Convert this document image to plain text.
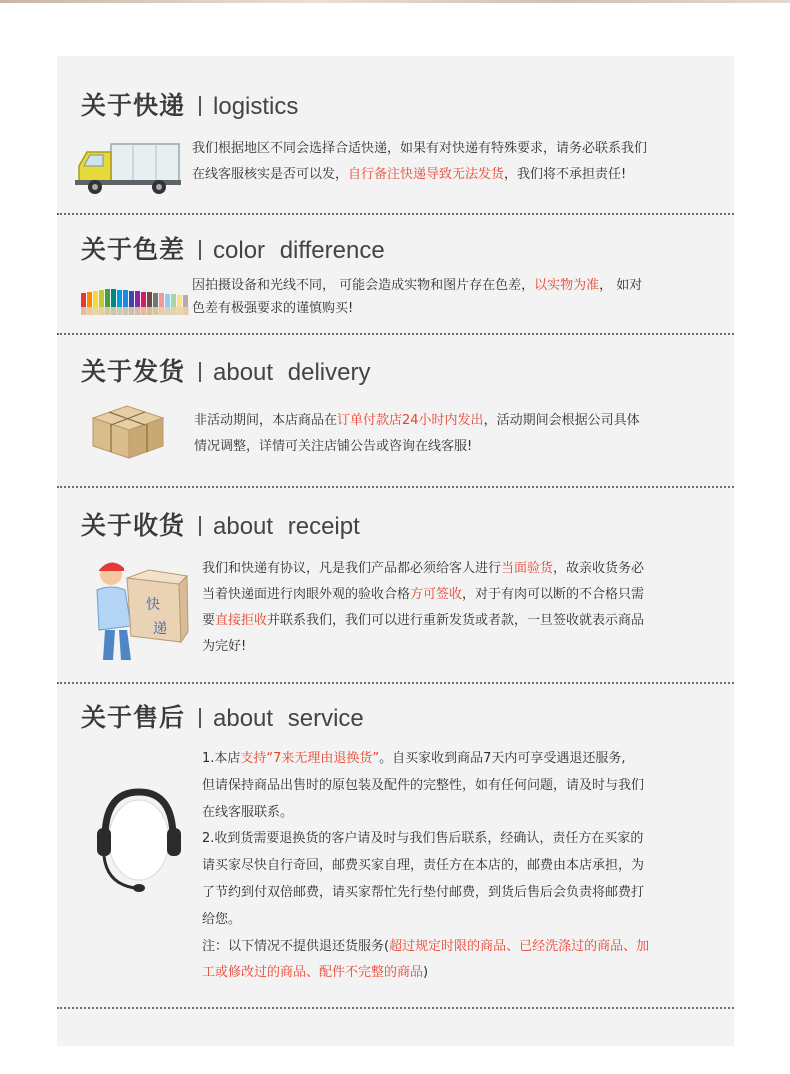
关于快递 logistics
我们根据地区不同会选择合适快递，如果有对快递有特殊要求，请务必联系我们
在线客服核实是否可以发，自行备注快递导致无法发货，我们将不承担责任!
关于色差 color difference
因拍摄设备和光线不同， 可能会造成实物和图片存在色差，以实物为准， 如对
色差有极强要求的谨慎购买!
关于发货 about delivery
非活动期间，本店商品在订单付款店24小时内发出，活动期间会根据公司具体
情况调整，详情可关注店铺公告或咨询在线客服!
关于收货 about receipt
快
递
我们和快递有协议，凡是我们产品都必须给客人进行当面验货，故亲收货务必
当着快递面进行肉眼外观的验收合格方可签收，对于有肉可以断的不合格只需
要直接拒收并联系我们，我们可以进行重新发货或者款，一旦签收就表示商品
为完好!
关于售后 about service
1.本店支持“7来无理由退换货”。自买家收到商品7天内可享受遇退还服务,
但请保持商品出售时的原包装及配件的完整性，如有任何问题，请及时与我们
在线客服联系。
2.收到货需要退换货的客户请及时与我们售后联系，经确认，责任方在买家的
请买家尽快自行奇回，邮费买家自理，责任方在本店的，邮费由本店承担，为
了节约到付双倍邮费，请买家帮忙先行垫付邮费，到货后售后会负责将邮费打
给您。
注：以下情况不提供退还货服务(超过规定时限的商品、已经洗涤过的商品、加
工或修改过的商品、配件不完整的商品)
